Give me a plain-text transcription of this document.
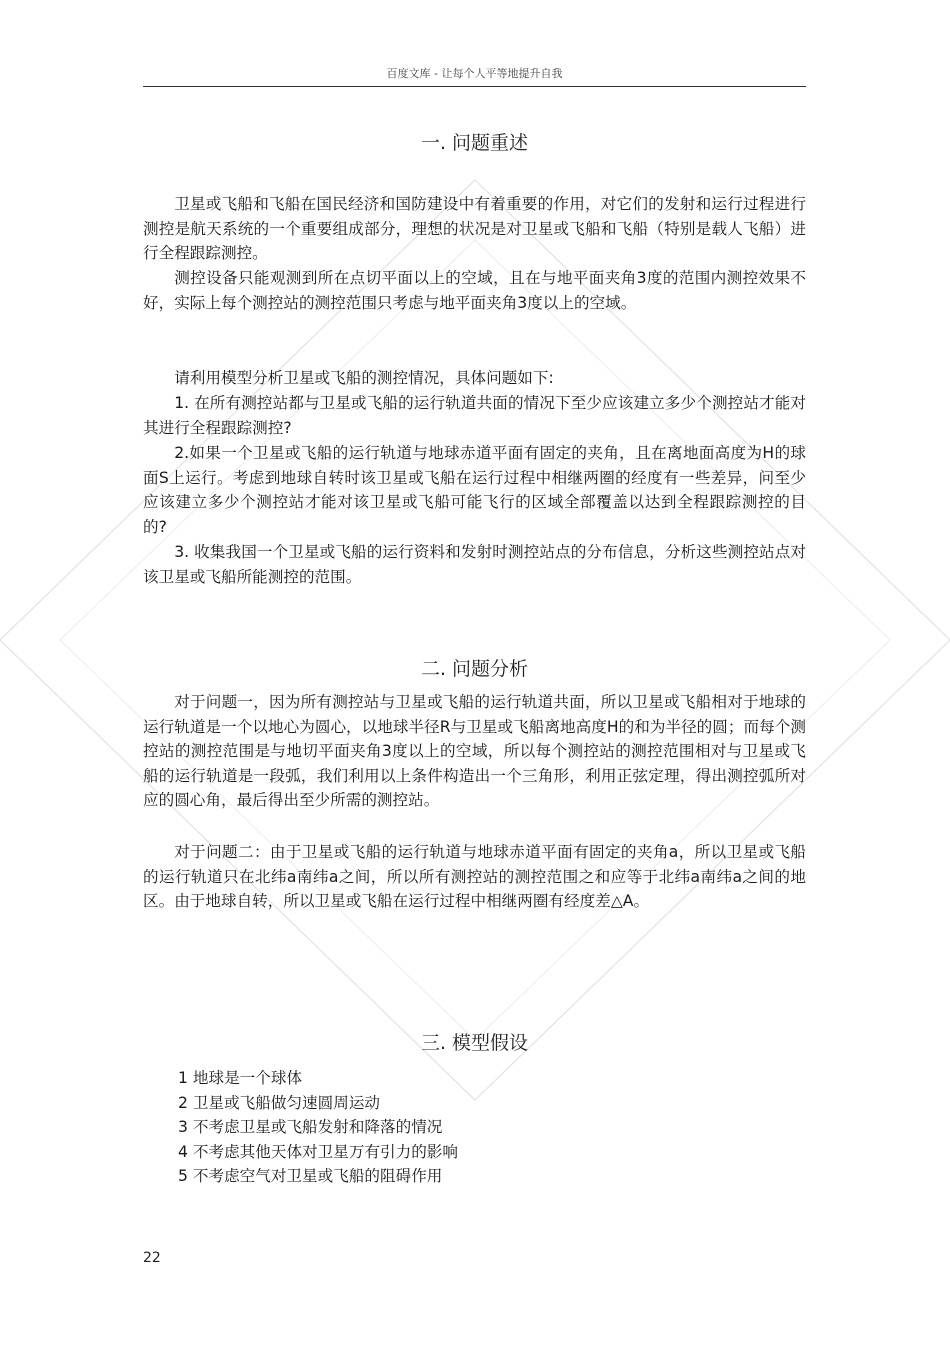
百度文库 - 让每个人平等地提升自我
一. 问题重述

卫星或飞船和飞船在国民经济和国防建设中有着重要的作用，对它们的发射和运行过程进行测控是航天系统的一个重要组成部分，理想的状况是对卫星或飞船和飞船（特别是载人飞船）进行全程跟踪测控。

测控设备只能观测到所在点切平面以上的空域，且在与地平面夹角3度的范围内测控效果不好，实际上每个测控站的测控范围只考虑与地平面夹角3度以上的空域。

请利用模型分析卫星或飞船的测控情况，具体问题如下:

1. 在所有测控站都与卫星或飞船的运行轨道共面的情况下至少应该建立多少个测控站才能对其进行全程跟踪测控?

2.如果一个卫星或飞船的运行轨道与地球赤道平面有固定的夹角，且在离地面高度为H的球面S上运行。考虑到地球自转时该卫星或飞船在运行过程中相继两圈的经度有一些差异，问至少应该建立多少个测控站才能对该卫星或飞船可能飞行的区域全部覆盖以达到全程跟踪测控的目的?

3. 收集我国一个卫星或飞船的运行资料和发射时测控站点的分布信息，分析这些测控站点对该卫星或飞船所能测控的范围。

二. 问题分析

对于问题一，因为所有测控站与卫星或飞船的运行轨道共面，所以卫星或飞船相对于地球的运行轨道是一个以地心为圆心，以地球半径R与卫星或飞船离地高度H的和为半径的圆；而每个测控站的测控范围是与地切平面夹角3度以上的空域，所以每个测控站的测控范围相对与卫星或飞船的运行轨道是一段弧，我们利用以上条件构造出一个三角形，利用正弦定理，得出测控弧所对应的圆心角，最后得出至少所需的测控站。

对于问题二：由于卫星或飞船的运行轨道与地球赤道平面有固定的夹角a，所以卫星或飞船的运行轨道只在北纬a南纬a之间，所以所有测控站的测控范围之和应等于北纬a南纬a之间的地区。由于地球自转，所以卫星或飞船在运行过程中相继两圈有经度差△A。

三. 模型假设
1 地球是一个球体
2 卫星或飞船做匀速圆周运动
3 不考虑卫星或飞船发射和降落的情况
4 不考虑其他天体对卫星万有引力的影响
5 不考虑空气对卫星或飞船的阻碍作用
22
